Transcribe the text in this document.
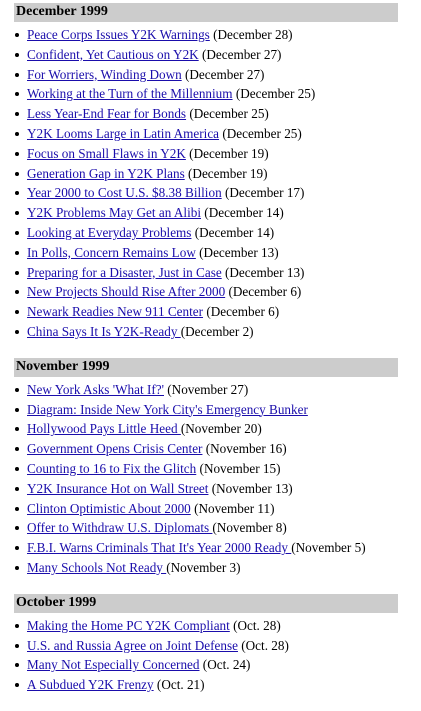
December 1999
Peace Corps Issues Y2K Warnings (December 28)
Confident, Yet Cautious on Y2K (December 27)
For Worriers, Winding Down (December 27)
Working at the Turn of the Millennium (December 25)
Less Year-End Fear for Bonds (December 25)
Y2K Looms Large in Latin America (December 25)
Focus on Small Flaws in Y2K (December 19)
Generation Gap in Y2K Plans (December 19)
Year 2000 to Cost U.S. $8.38 Billion (December 17)
Y2K Problems May Get an Alibi (December 14)
Looking at Everyday Problems (December 14)
In Polls, Concern Remains Low (December 13)
Preparing for a Disaster, Just in Case (December 13)
New Projects Should Rise After 2000 (December 6)
Newark Readies New 911 Center (December 6)
China Says It Is Y2K-Ready (December 2)
November 1999
New York Asks 'What If?' (November 27)
Diagram: Inside New York City's Emergency Bunker
Hollywood Pays Little Heed (November 20)
Government Opens Crisis Center (November 16)
Counting to 16 to Fix the Glitch (November 15)
Y2K Insurance Hot on Wall Street (November 13)
Clinton Optimistic About 2000 (November 11)
Offer to Withdraw U.S. Diplomats (November 8)
F.B.I. Warns Criminals That It's Year 2000 Ready (November 5)
Many Schools Not Ready (November 3)
October 1999
Making the Home PC Y2K Compliant (Oct. 28)
U.S. and Russia Agree on Joint Defense (Oct. 28)
Many Not Especially Concerned (Oct. 24)
A Subdued Y2K Frenzy (Oct. 21)
